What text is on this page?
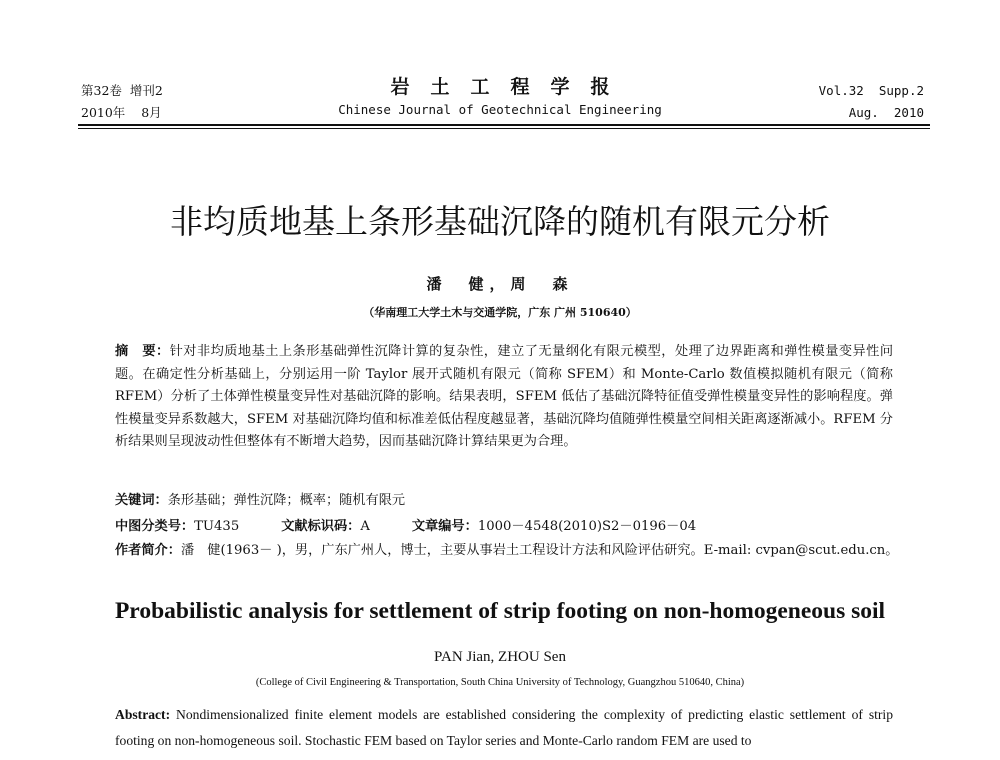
第32卷  增刊2
2010年    8月
岩土工程学报
Chinese Journal of Geotechnical Engineering
Vol.32  Supp.2
Aug.  2010
非均质地基上条形基础沉降的随机有限元分析
潘　健，周　森
（华南理工大学土木与交通学院，广东 广州 510640）
摘　要：针对非均质地基土上条形基础弹性沉降计算的复杂性，建立了无量纲化有限元模型，处理了边界距离和弹性模量变异性问题。在确定性分析基础上，分别运用一阶 Taylor 展开式随机有限元（简称 SFEM）和 Monte-Carlo 数值模拟随机有限元（简称 RFEM）分析了土体弹性模量变异性对基础沉降的影响。结果表明，SFEM 低估了基础沉降特征值受弹性模量变异性的影响程度。弹性模量变异系数越大，SFEM 对基础沉降均值和标准差低估程度越显著，基础沉降均值随弹性模量空间相关距离逐渐减小。RFEM 分析结果则呈现波动性但整体有不断增大趋势，因而基础沉降计算结果更为合理。
关键词：条形基础；弹性沉降；概率；随机有限元
中图分类号：TU435	文献标识码：A	文章编号：1000－4548(2010)S2－0196－04
作者简介：潘　健(1963－ )，男，广东广州人，博士，主要从事岩土工程设计方法和风险评估研究。E-mail: cvpan@scut.edu.cn。
Probabilistic analysis for settlement of strip footing on non-homogeneous soil
PAN Jian, ZHOU Sen
(College of Civil Engineering & Transportation, South China University of Technology, Guangzhou 510640, China)
Abstract: Nondimensionalized finite element models are established considering the complexity of predicting elastic settlement of strip footing on non-homogeneous soil. Stochastic FEM based on Taylor series and Monte-Carlo random FEM are used to
